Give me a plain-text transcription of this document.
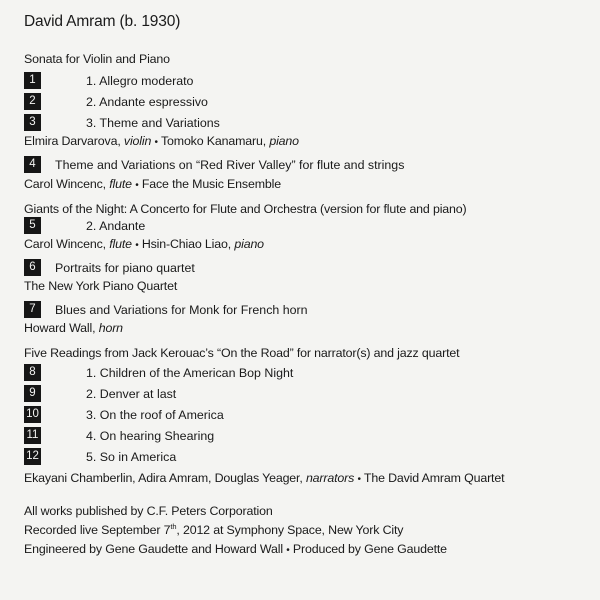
David Amram (b. 1930)
Sonata for Violin and Piano
1	1. Allegro moderato
2	2. Andante espressivo
3	3. Theme and Variations
Elmira Darvarova, violin • Tomoko Kanamaru, piano
4 Theme and Variations on “Red River Valley” for flute and strings
Carol Wincenc, flute • Face the Music Ensemble
Giants of the Night: A Concerto for Flute and Orchestra (version for flute and piano)
5	2. Andante
Carol Wincenc, flute • Hsin-Chiao Liao, piano
6 Portraits for piano quartet
The New York Piano Quartet
7 Blues and Variations for Monk for French horn
Howard Wall, horn
Five Readings from Jack Kerouac’s “On the Road” for narrator(s) and jazz quartet
8	1. Children of the American Bop Night
9	2. Denver at last
10	3. On the roof of America
11	4. On hearing Shearing
12	5. So in America
Ekayani Chamberlin, Adira Amram, Douglas Yeager, narrators • The David Amram Quartet
All works published by C.F. Peters Corporation
Recorded live September 7th, 2012 at Symphony Space, New York City
Engineered by Gene Gaudette and Howard Wall • Produced by Gene Gaudette
